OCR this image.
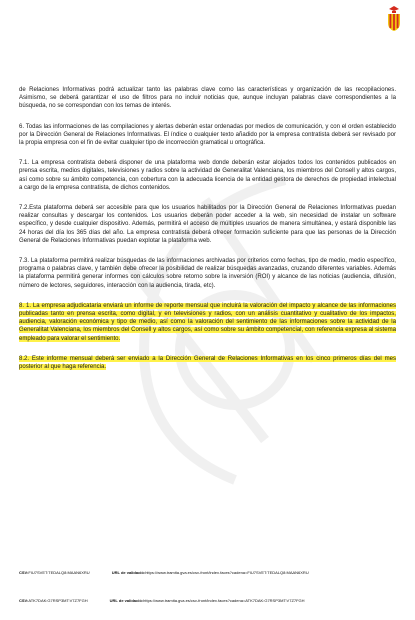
de Relaciones Informativas podrá actualizar tanto las palabras clave como las características y organización de las recopilaciones. Asimismo, se deberá garantizar el uso de filtros para no incluir noticias que, aunque incluyan palabras clave correspondientes a la búsqueda, no se correspondan con los temas de interés.

6. Todas las informaciones de las compilaciones y alertas deberán estar ordenadas por medios de comunicación, y con el orden establecido por la Dirección General de Relaciones Informativas. El índice o cualquier texto añadido por la empresa contratista deberá ser revisado por la propia empresa con el fin de evitar cualquier tipo de incorrección gramatical u ortográfica.

7.1. La empresa contratista deberá disponer de una plataforma web donde deberán estar alojados todos los contenidos publicados en prensa escrita, medios digitales, televisiones y radios sobre la actividad de Generalitat Valenciana, los miembros del Consell y altos cargos, así como sobre su ámbito competencia, con cobertura con la adecuada licencia de la entidad gestora de derechos de propiedad intelectual a cargo de la empresa contratista, de dichos contenidos.

7.2.Esta plataforma deberá ser accesible para que los usuarios habilitados por la Dirección General de Relaciones Informativas puedan realizar consultas y descargar los contenidos. Los usuarios deberán poder acceder a la web, sin necesidad de instalar un software específico, y desde cualquier dispositivo. Además, permitirá el acceso de múltiples usuarios de manera simultánea, y estará disponible las 24 horas del día los 365 días del año. La empresa contratista deberá ofrecer formación suficiente para que las personas de la Dirección General de Relaciones Informativas puedan explotar la plataforma web.

7.3. La plataforma permitirá realizar búsquedas de las informaciones archivadas por criterios como fechas, tipo de medio, medio específico, programa o palabras clave, y también debe ofrecer la posibilidad de realizar búsquedas avanzadas, cruzando diferentes variables. Además la plataforma permitirá generar informes con cálculos sobre retorno sobre la inversión (ROI) y alcance de las noticias (audiencia, difusión, número de lectores, seguidores, interacción con la audiencia, tirada, etc).

8. 1. La empresa adjudicataria enviará un informe de reporte mensual que incluirá la valoración del impacto y alcance de las informaciones publicadas tanto en prensa escrita, como digital, y en televisiones y radios, con un análisis cuantitativo y cualitativo de los impactos, audiencia, valoración económica y tipo de medio, así como la valoración del sentimiento de las informaciones sobre la actividad de la Generalitat Valenciana, los miembros del Consell y altos cargos, así como sobre su ámbito competencial, con referencia expresa al sistema empleado para valorar el sentimiento.

8.2. Este informe mensual deberá ser enviado a la Dirección General de Relaciones Informativas en los cinco primeros días del mes posterior al que haga referencia.

CSV:FIU7SVET:TEDALQ8:MAAN6XRU	URL de validació:https://www.tramita.gva.es/csv-front/index.faces?cadena=FIU7SVET:TEDALQ8:MAAN6XRU
CSV:ATK7DAK:G7RSP3MT:V7Z7FGH	URL de validació:https://www.tramita.gva.es/csv-front/index.faces?cadena=ATK7DAK:G7RSP3MT:V7Z7FGH
